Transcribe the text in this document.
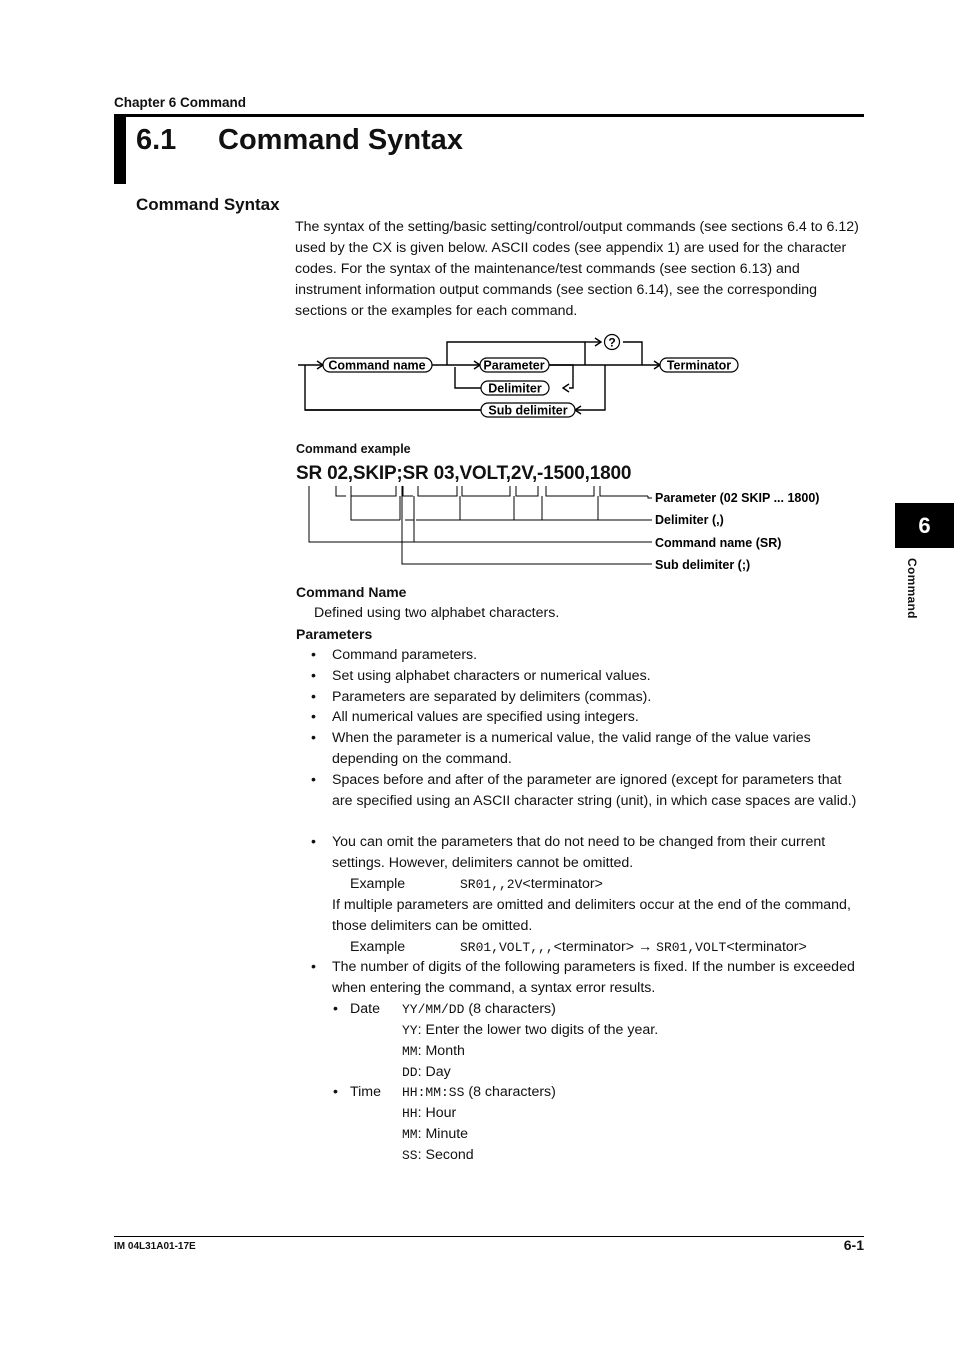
Chapter 6 Command
6.1 Command Syntax
Command Syntax
The syntax of the setting/basic setting/control/output commands (see sections 6.4 to 6.12) used by the CX is given below. ASCII codes (see appendix 1) are used for the character codes. For the syntax of the maintenance/test commands (see section 6.13) and instrument information output commands (see section 6.14), see the corresponding sections or the examples for each command.
Command name	Parameter
Delimiter
Sub delimiter
Terminator
?
Command example
SR 02,SKIP;SR 03,VOLT,2V,-1500,1800
Parameter (02 SKIP ... 1800)
Delimiter (,)
Command name (SR)
Sub delimiter (;)
Command Name
Defined using two alphabet characters.
Parameters
• Command parameters.
• Set using alphabet characters or numerical values.
• Parameters are separated by delimiters (commas).
• All numerical values are specified using integers.
• When the parameter is a numerical value, the valid range of the value varies depending on the command.
• Spaces before and after of the parameter are ignored (except for parameters that are specified using an ASCII character string (unit), in which case spaces are valid.)
• You can omit the parameters that do not need to be changed from their current settings. However, delimiters cannot be omitted.
Example	SR01,,2V<terminator>
If multiple parameters are omitted and delimiters occur at the end of the command, those delimiters can be omitted.
Example	SR01,VOLT,,,<terminator> → SR01,VOLT<terminator>
• The number of digits of the following parameters is fixed. If the number is exceeded when entering the command, a syntax error results.
• Date YY/MM/DD (8 characters)
YY: Enter the lower two digits of the year.
MM: Month
DD: Day
• Time HH:MM:SS (8 characters)
HH: Hour
MM: Minute
SS: Second
6
Command
IM 04L31A01-17E	6-1
